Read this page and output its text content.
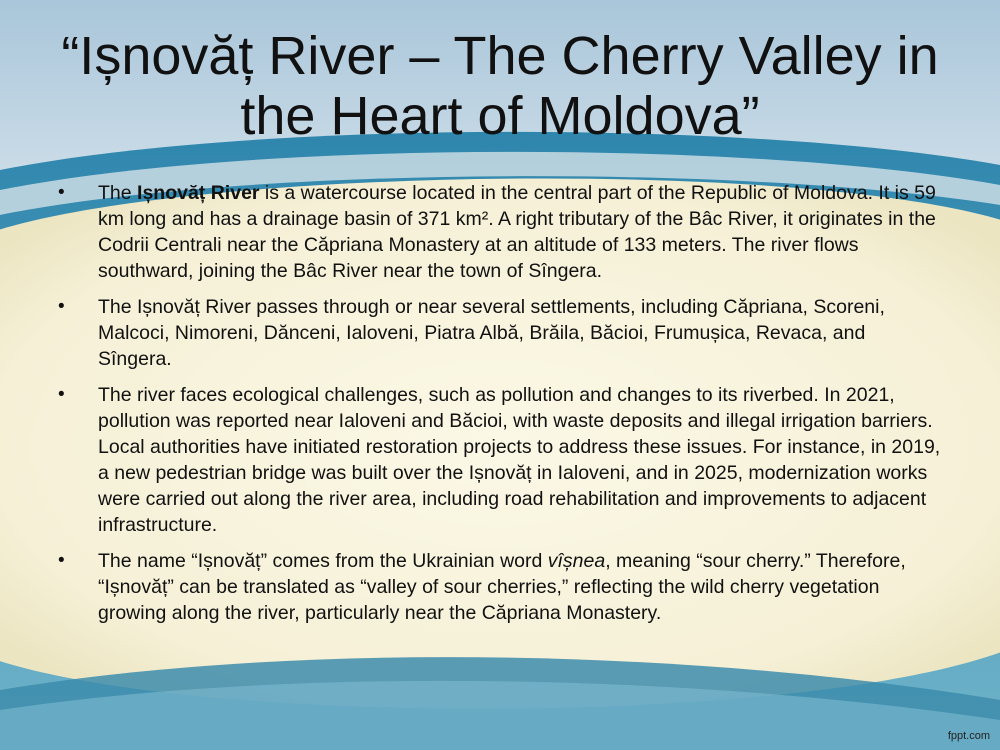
“Ișnovăț River – The Cherry Valley in the Heart of Moldova”
• The Ișnovăț River is a watercourse located in the central part of the Republic of Moldova. It is 59 km long and has a drainage basin of 371 km². A right tributary of the Bâc River, it originates in the Codrii Centrali near the Căpriana Monastery at an altitude of 133 meters. The river flows southward, joining the Bâc River near the town of Sîngera.
• The Ișnovăț River passes through or near several settlements, including Căpriana, Scoreni, Malcoci, Nimoreni, Dănceni, Ialoveni, Piatra Albă, Brăila, Băcioi, Frumușica, Revaca, and Sîngera.
• The river faces ecological challenges, such as pollution and changes to its riverbed. In 2021, pollution was reported near Ialoveni and Băcioi, with waste deposits and illegal irrigation barriers. Local authorities have initiated restoration projects to address these issues. For instance, in 2019, a new pedestrian bridge was built over the Ișnovăț in Ialoveni, and in 2025, modernization works were carried out along the river area, including road rehabilitation and improvements to adjacent infrastructure.
• The name “Ișnovăț” comes from the Ukrainian word vîșnea, meaning “sour cherry.” Therefore, “Ișnovăț” can be translated as “valley of sour cherries,” reflecting the wild cherry vegetation growing along the river, particularly near the Căpriana Monastery.
fppt.com
